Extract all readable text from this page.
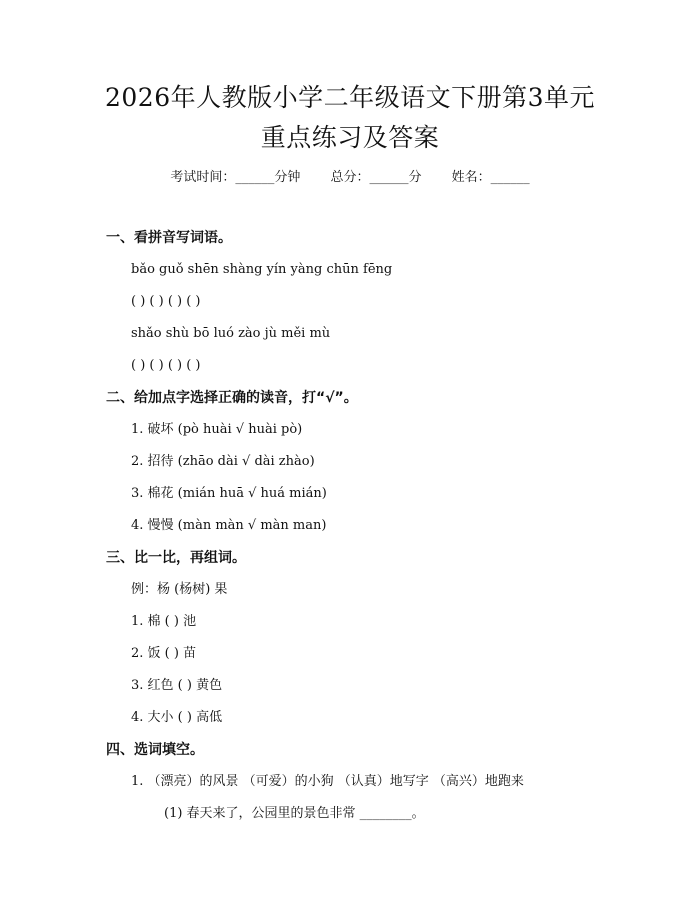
2026年人教版小学二年级语文下册第3单元
重点练习及答案
考试时间：______分钟 总分：______分 姓名：______
一、看拼音写词语。
bǎo guǒ shēn shàng yín yàng chūn fēng
( ) ( ) ( ) ( )
shǎo shù bō luó zào jù měi mù
( ) ( ) ( ) ( )
二、给加点字选择正确的读音，打“√”。
1. 破坏 (pò huài √ huài pò)
2. 招待 (zhāo dài √ dài zhào)
3. 棉花 (mián huā √ huá mián)
4. 慢慢 (màn màn √ màn man)
三、比一比，再组词。
例：杨 (杨树) 果
1. 棉 ( ) 池
2. 饭 ( ) 苗
3. 红色 ( ) 黄色
4. 大小 ( ) 高低
四、选词填空。
1. （漂亮）的风景 （可爱）的小狗 （认真）地写字 （高兴）地跑来
(1) 春天来了，公园里的景色非常 ________。
